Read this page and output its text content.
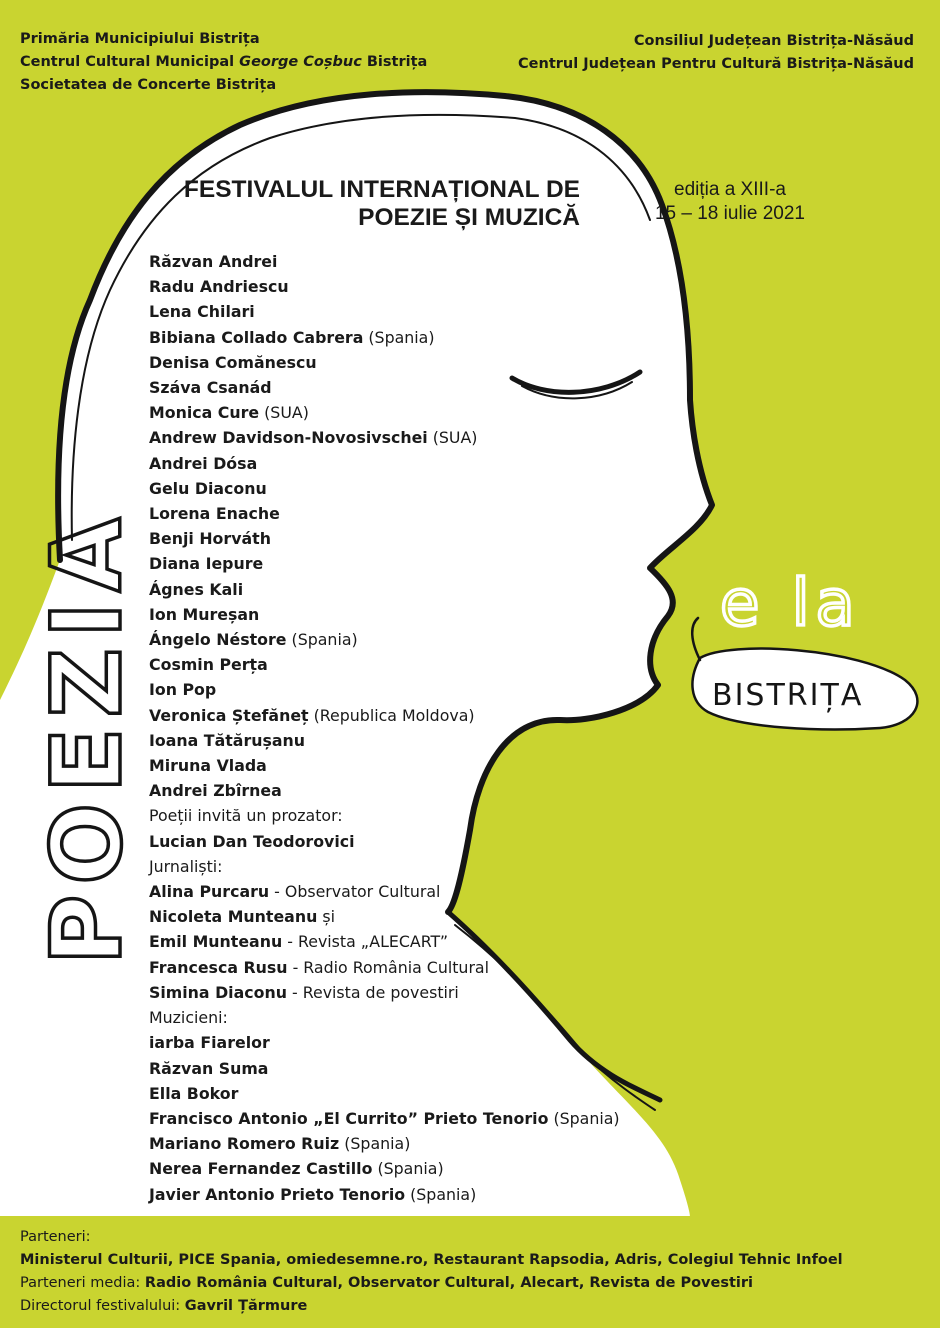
POEZIA	e la
BISTRIȚA
Primăria Municipiului Bistrița
Centrul Cultural Municipal George Coșbuc Bistrița
Societatea de Concerte Bistrița
Consiliul Județean Bistrița-Năsăud
Centrul Județean Pentru Cultură Bistrița-Năsăud
FESTIVALUL INTERNAȚIONAL DE
POEZIE ȘI MUZICĂ
ediția a XIII-a
15 – 18 iulie 2021
Răzvan Andrei
Radu Andriescu
Lena Chilari
Bibiana Collado Cabrera (Spania)
Denisa Comănescu
Száva Csanád
Monica Cure (SUA)
Andrew Davidson-Novosivschei (SUA)
Andrei Dósa
Gelu Diaconu
Lorena Enache
Benji Horváth
Diana Iepure
Ágnes Kali
Ion Mureșan
Ángelo Néstore (Spania)
Cosmin Perța
Ion Pop
Veronica Ștefăneț (Republica Moldova)
Ioana Tătărușanu
Miruna Vlada
Andrei Zbîrnea
Poeții invită un prozator:
Lucian Dan Teodorovici
Jurnaliști:
Alina Purcaru - Observator Cultural
Nicoleta Munteanu și
Emil Munteanu - Revista „ALECART”
Francesca Rusu - Radio România Cultural
Simina Diaconu - Revista de povestiri
Muzicieni:
iarba Fiarelor
Răzvan Suma
Ella Bokor
Francisco Antonio „El Currito” Prieto Tenorio (Spania)
Mariano Romero Ruiz (Spania)
Nerea Fernandez Castillo (Spania)
Javier Antonio Prieto Tenorio (Spania)
Parteneri:
Ministerul Culturii, PICE Spania, omiedesemne.ro, Restaurant Rapsodia, Adris, Colegiul Tehnic Infoel
Parteneri media: Radio România Cultural, Observator Cultural, Alecart, Revista de Povestiri
Directorul festivalului: Gavril Țărmure
